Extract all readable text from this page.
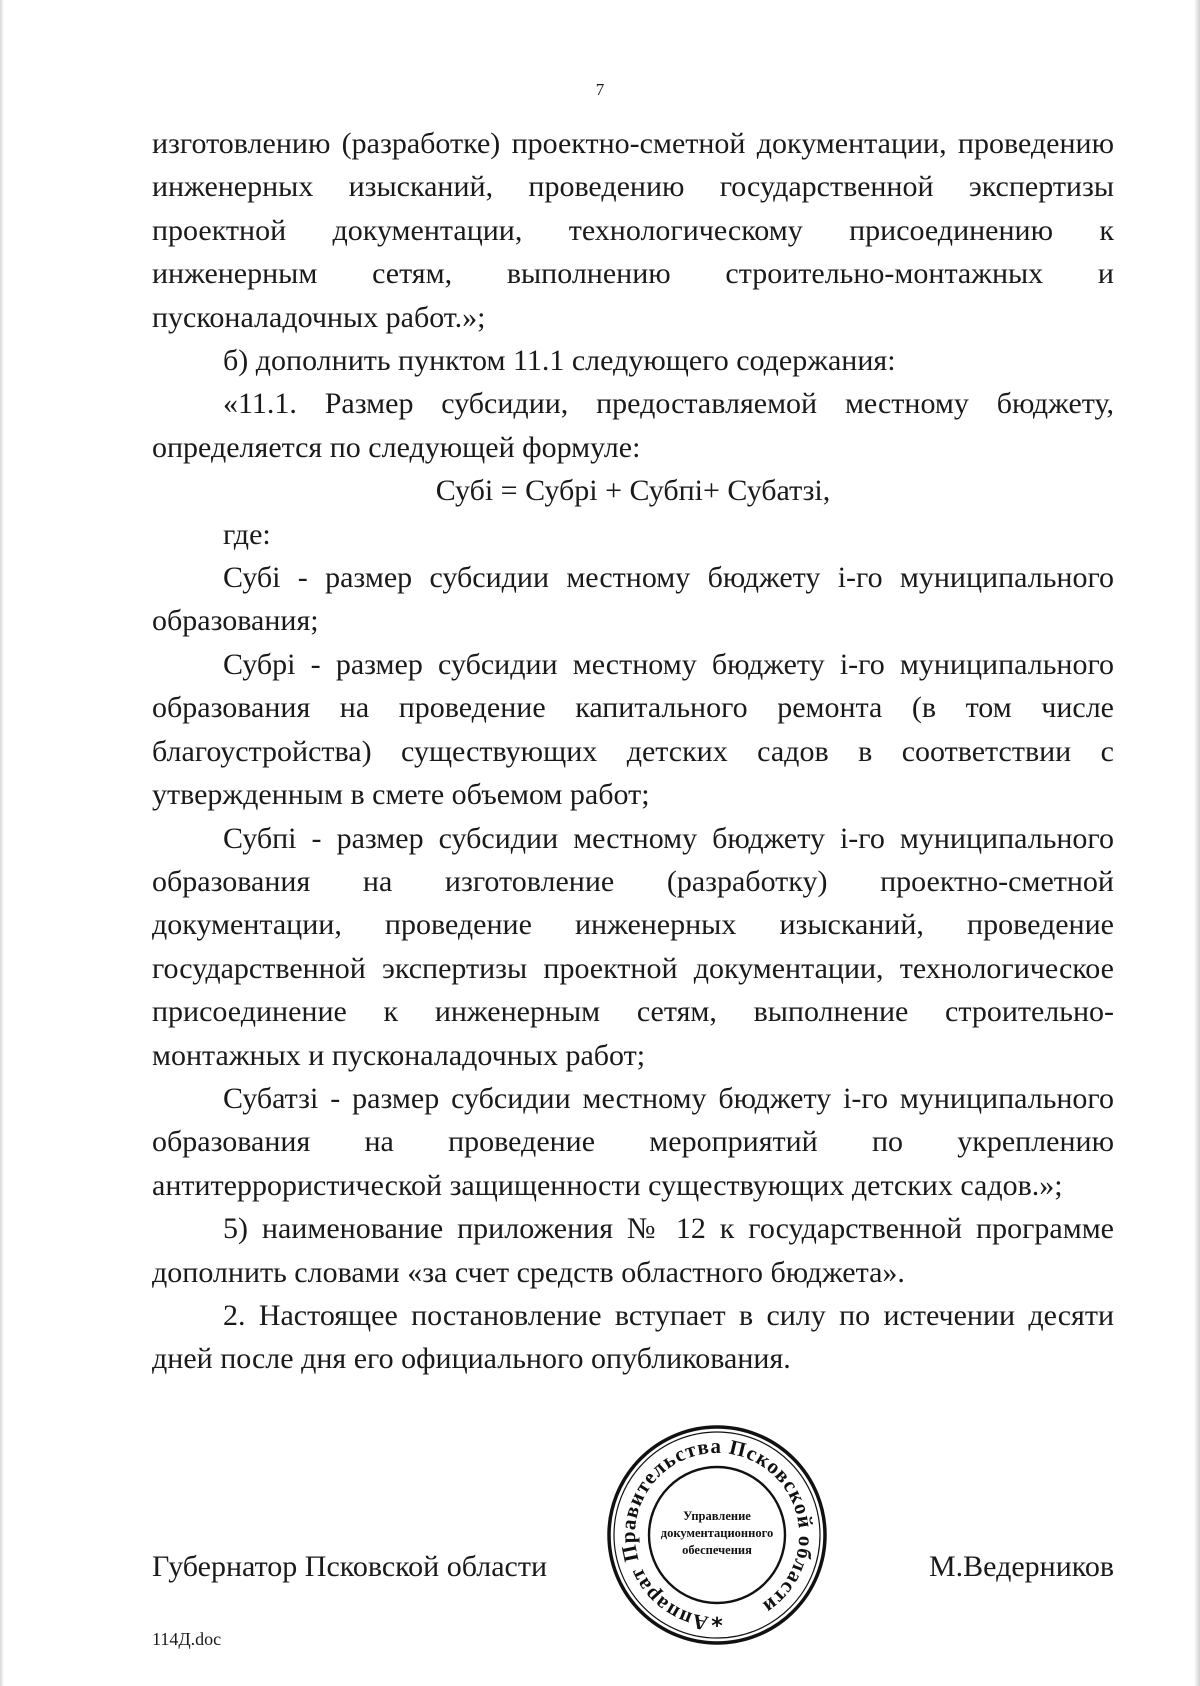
7

изготовлению (разработке) проектно-сметной документации, проведению инженерных изысканий, проведению государственной экспертизы проектной документации, технологическому присоединению к инженерным сетям, выполнению строительно-монтажных и пусконаладочных работ.»;

б) дополнить пунктом 11.1 следующего содержания:

«11.1. Размер субсидии, предоставляемой местному бюджету, определяется по следующей формуле:

Субі = Субрі + Субпі+ Субатзі,

где:

Субі - размер субсидии местному бюджету і-го муниципального образования;

Субрі - размер субсидии местному бюджету і-го муниципального образования на проведение капитального ремонта (в том числе благоустройства) существующих детских садов в соответствии с утвержденным в смете объемом работ;

Субпі - размер субсидии местному бюджету і-го муниципального образования на изготовление (разработку) проектно-сметной документации, проведение инженерных изысканий, проведение государственной экспертизы проектной документации, технологическое присоединение к инженерным сетям, выполнение строительно-монтажных и пусконаладочных работ;

Субатзі - размер субсидии местному бюджету і-го муниципального образования на проведение мероприятий по укреплению антитеррористической защищенности существующих детских садов.»;

5) наименование приложения № 12 к государственной программе дополнить словами «за счет средств областного бюджета».

2. Настоящее постановление вступает в силу по истечении десяти дней после дня его официального опубликования.

Губернатор Псковской области	М.Ведерников
Аппарат Правительства Псковской области
Управление
документационного
обеспечения
*
114Д.doc
